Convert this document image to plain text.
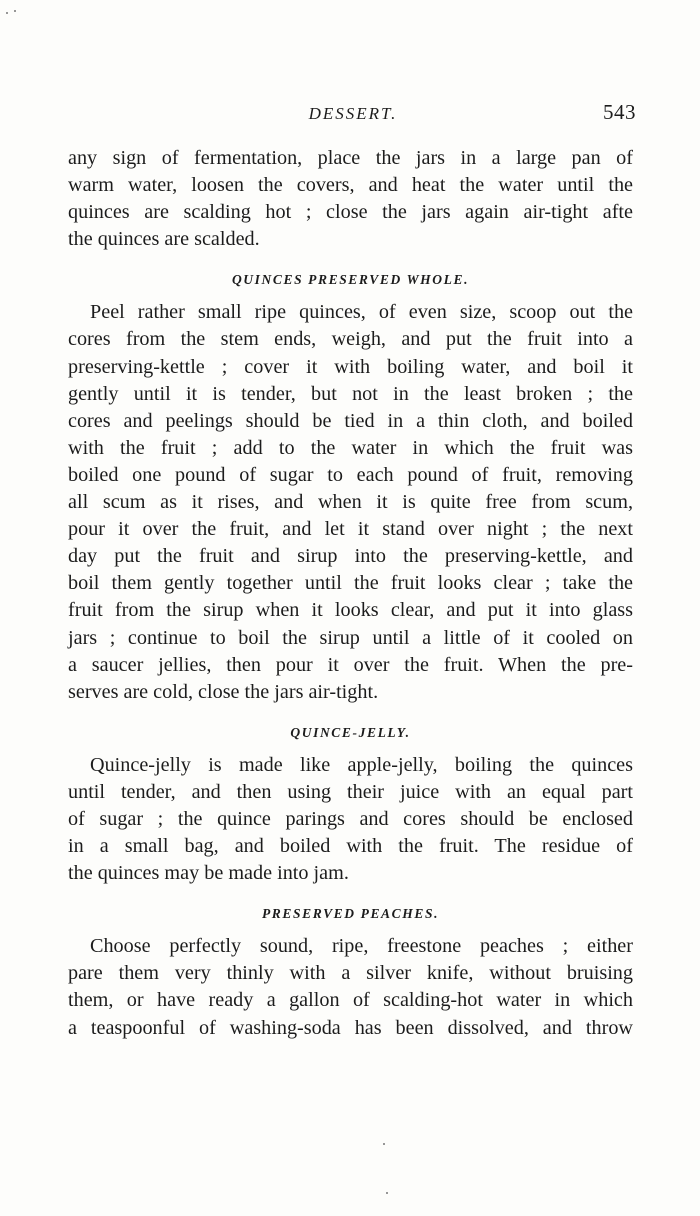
DESSERT.	543

any sign of fermentation, place the jars in a large pan of
warm water, loosen the covers, and heat the water until the
quinces are scalding hot ; close the jars again air-tight afte
the quinces are scalded.

QUINCES PRESERVED WHOLE.

Peel rather small ripe quinces, of even size, scoop out the
cores from the stem ends, weigh, and put the fruit into a
preserving-kettle ; cover it with boiling water, and boil it
gently until it is tender, but not in the least broken ; the
cores and peelings should be tied in a thin cloth, and boiled
with the fruit ; add to the water in which the fruit was
boiled one pound of sugar to each pound of fruit, removing
all scum as it rises, and when it is quite free from scum,
pour it over the fruit, and let it stand over night ; the next
day put the fruit and sirup into the preserving-kettle, and
boil them gently together until the fruit looks clear ; take the
fruit from the sirup when it looks clear, and put it into glass
jars ; continue to boil the sirup until a little of it cooled on
a saucer jellies, then pour it over the fruit. When the pre-
serves are cold, close the jars air-tight.

QUINCE-JELLY.

Quince-jelly is made like apple-jelly, boiling the quinces
until tender, and then using their juice with an equal part
of sugar ; the quince parings and cores should be enclosed
in a small bag, and boiled with the fruit. The residue of
the quinces may be made into jam.

PRESERVED PEACHES.

Choose perfectly sound, ripe, freestone peaches ; either
pare them very thinly with a silver knife, without bruising
them, or have ready a gallon of scalding-hot water in which
a teaspoonful of washing-soda has been dissolved, and throw
